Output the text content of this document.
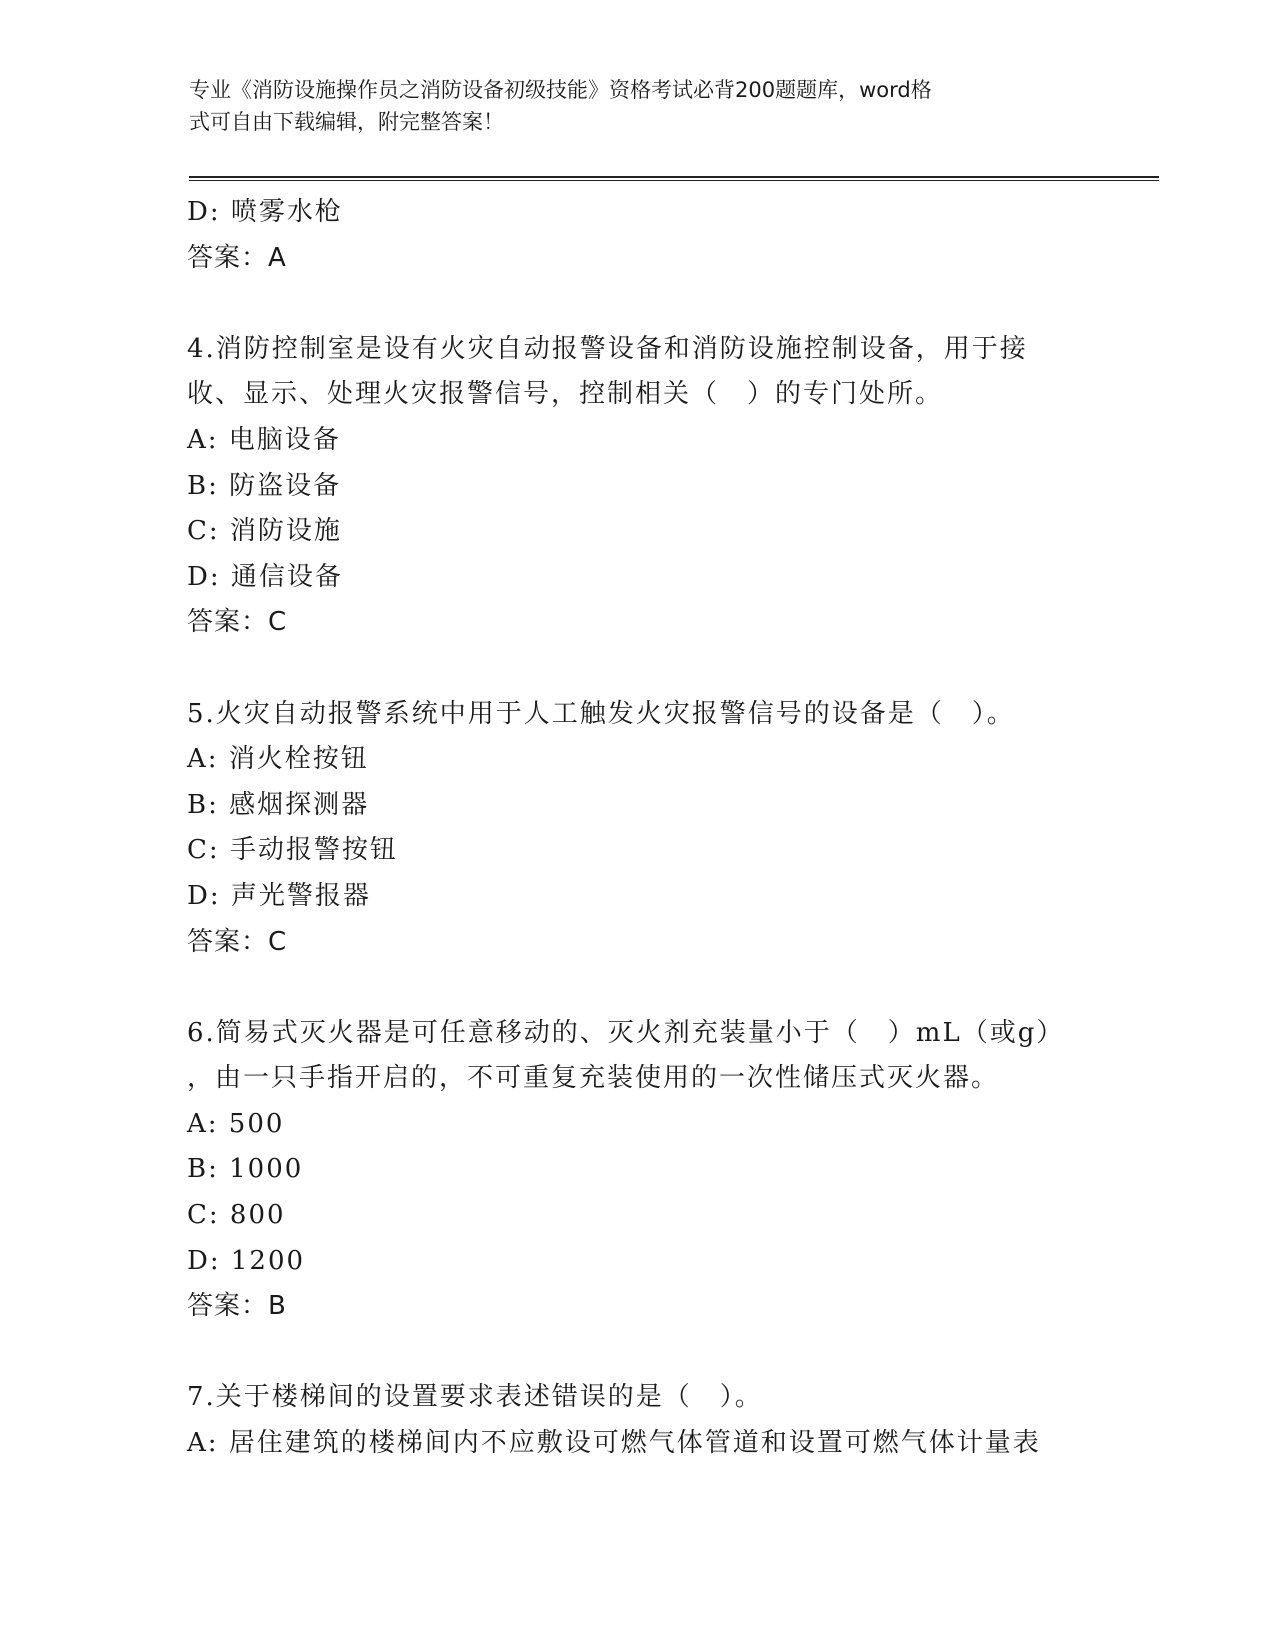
专业《消防设施操作员之消防设备初级技能》资格考试必背200题题库，word格
式可自由下载编辑，附完整答案！
D: 喷雾水枪
答案：A
4.消防控制室是设有火灾自动报警设备和消防设施控制设备，用于接
收、显示、处理火灾报警信号，控制相关（　）的专门处所。
A: 电脑设备
B: 防盗设备
C: 消防设施
D: 通信设备
答案：C
5.火灾自动报警系统中用于人工触发火灾报警信号的设备是（　）。
A: 消火栓按钮
B: 感烟探测器
C: 手动报警按钮
D: 声光警报器
答案：C
6.简易式灭火器是可任意移动的、灭火剂充装量小于（　）mL（或g）
，由一只手指开启的，不可重复充装使用的一次性储压式灭火器。
A: 500
B: 1000
C: 800
D: 1200
答案：B
7.关于楼梯间的设置要求表述错误的是（　）。
A: 居住建筑的楼梯间内不应敷设可燃气体管道和设置可燃气体计量表
